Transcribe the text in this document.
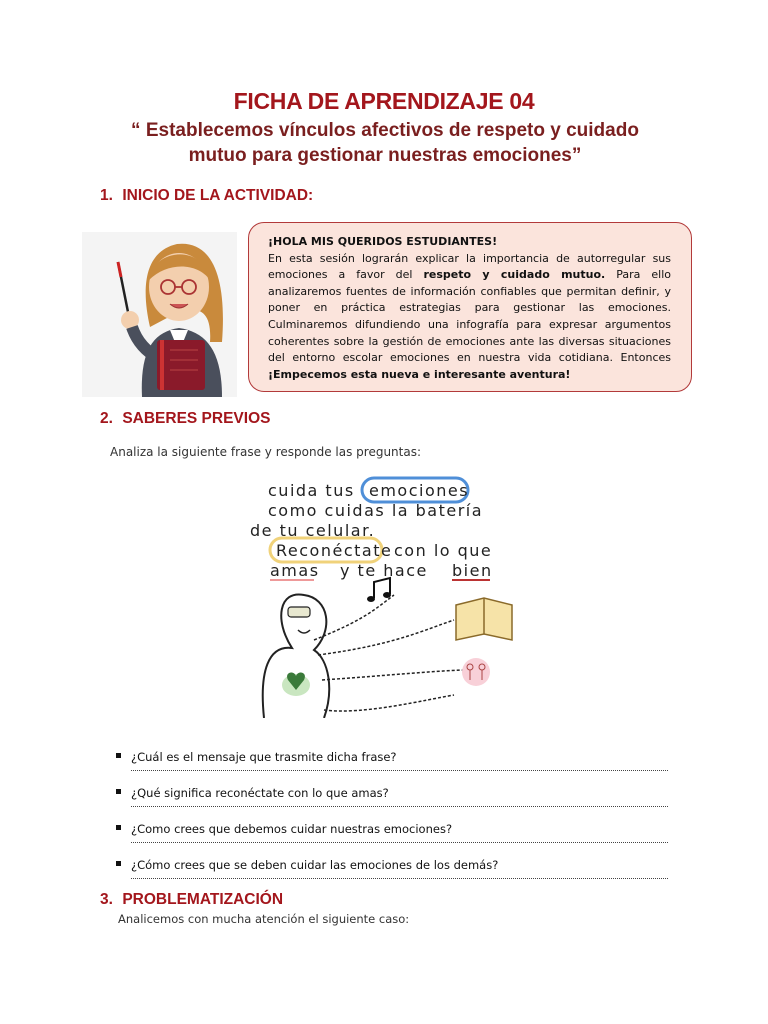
FICHA DE APRENDIZAJE 04
“ Establecemos vínculos afectivos de respeto y cuidado
mutuo para gestionar nuestras emociones”
1. INICIO DE LA ACTIVIDAD:
¡HOLA MIS QUERIDOS ESTUDIANTES!
En esta sesión lograrán explicar la importancia de autorregular sus emociones a favor del respeto y cuidado mutuo. Para ello analizaremos fuentes de información confiables que permitan definir, y poner en práctica estrategias para gestionar las emociones. Culminaremos difundiendo una infografía para expresar argumentos coherentes sobre la gestión de emociones ante las diversas situaciones del entorno escolar emociones en nuestra vida cotidiana. Entonces ¡Empecemos esta nueva e interesante aventura!
2. SABERES PREVIOS
Analiza la siguiente frase y responde las preguntas:
cuida tus emociones
como cuidas la batería
de tu celular.
Reconéctate con lo que
amas y te hace bien
¿Cuál es el mensaje que trasmite dicha frase?
¿Qué significa reconéctate con lo que amas?
¿Como crees que debemos cuidar nuestras emociones?
¿Cómo crees que se deben cuidar las emociones de los demás?
3. PROBLEMATIZACIÓN
Analicemos con mucha atención el siguiente caso:
